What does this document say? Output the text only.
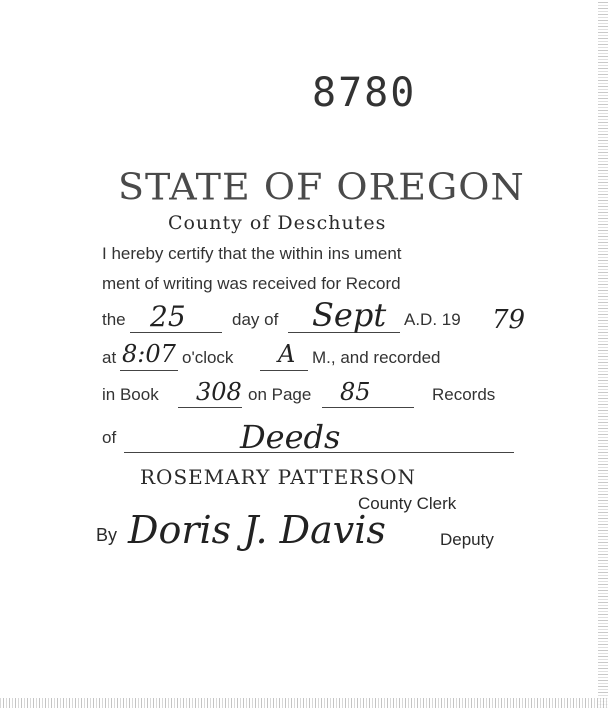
8780
STATE OF OREGON
County of Deschutes
I hereby certify that the within ins ument
ment of writing was received for Record
the 25	day of Sept A.D. 19 79
at 8:07 o'clock A M., and recorded
in Book 308 on Page 85	Records
of	Deeds
ROSEMARY PATTERSON
County Clerk
By Doris J. Davis	Deputy
